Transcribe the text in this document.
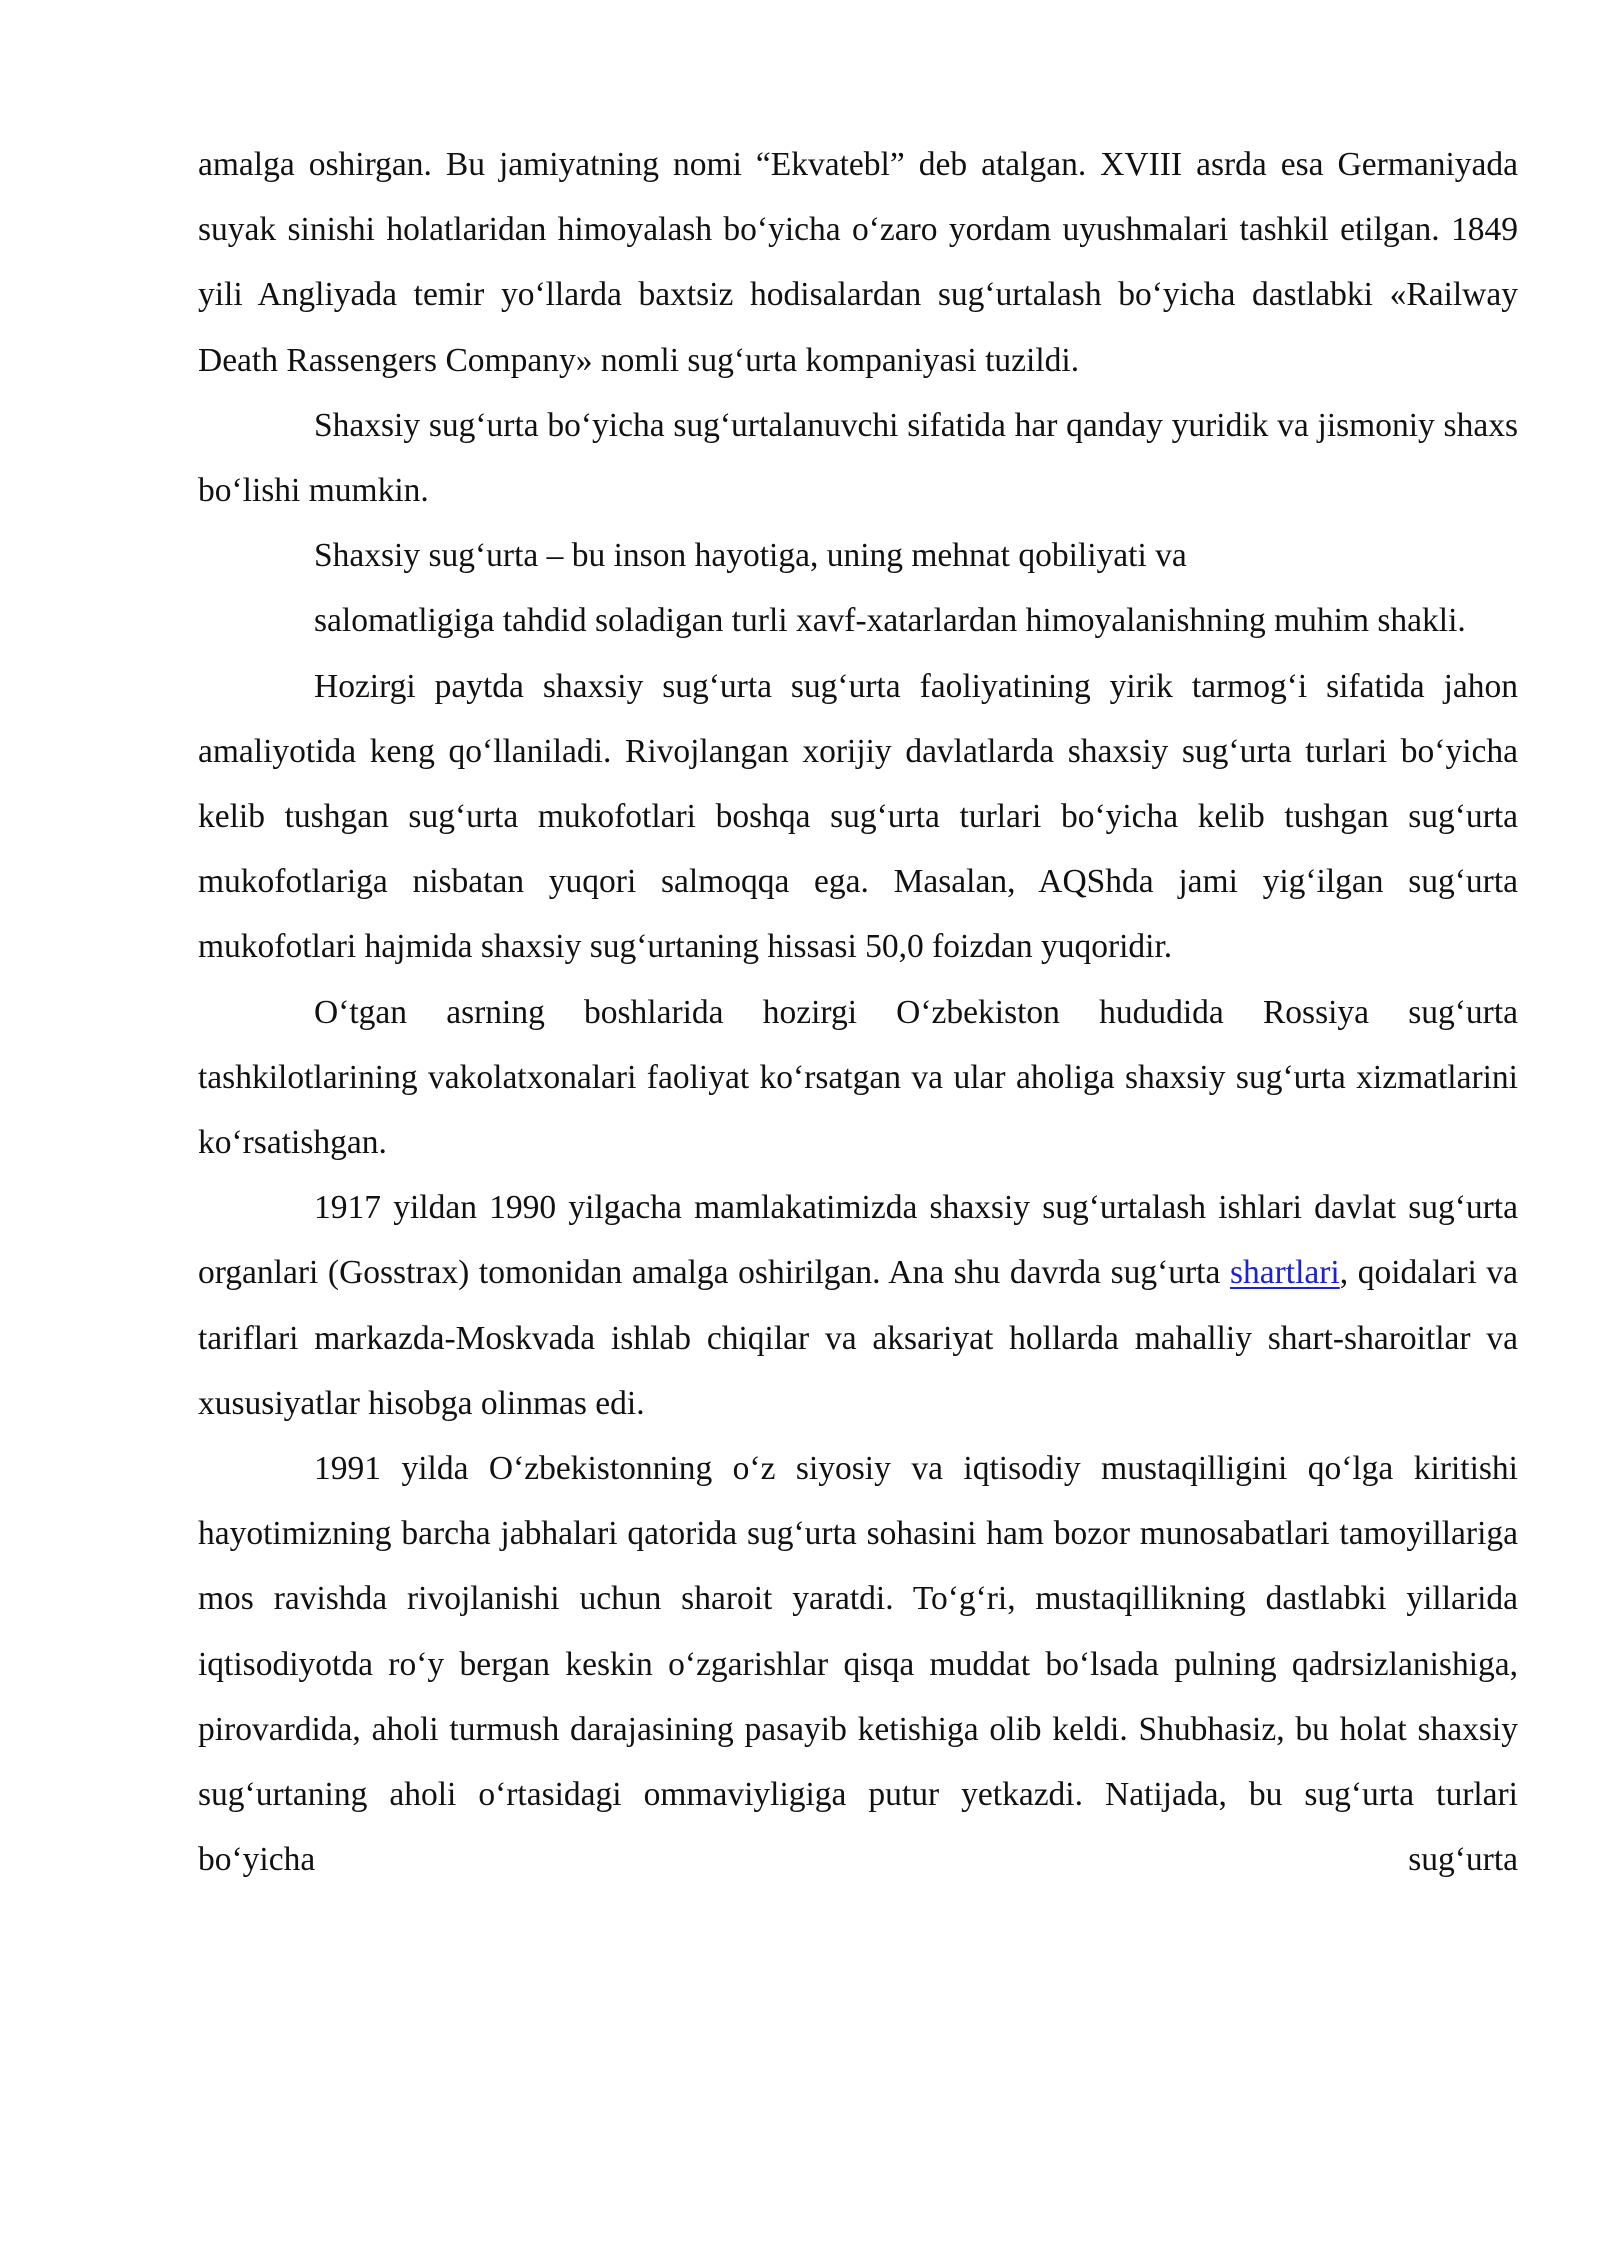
amalga oshirgan. Bu jamiyatning nomi “Ekvatebl” deb atalgan. XVIII asrda esa Germaniyada suyak sinishi holatlaridan himoyalash boʻyicha oʻzaro yordam uyushmalari tashkil etilgan. 1849 yili Angliyada temir yoʻllarda baxtsiz hodisalardan sugʻurtalash boʻyicha dastlabki «Railway Death Rassengers Company» nomli sugʻurta kompaniyasi tuzildi.

Shaxsiy sugʻurta boʻyicha sugʻurtalanuvchi sifatida har qanday yuridik va jismoniy shaxs boʻlishi mumkin.

Shaxsiy sugʻurta – bu inson hayotiga, uning mehnat qobiliyati va

salomatligiga tahdid soladigan turli xavf-xatarlardan himoyalanishning muhim shakli.

Hozirgi paytda shaxsiy sugʻurta sugʻurta faoliyatining yirik tarmogʻi sifatida jahon amaliyotida keng qoʻllaniladi. Rivojlangan xorijiy davlatlarda shaxsiy sugʻurta turlari boʻyicha kelib tushgan sugʻurta mukofotlari boshqa sugʻurta turlari boʻyicha kelib tushgan sugʻurta mukofotlariga nisbatan yuqori salmoqqa ega. Masalan, AQShda jami yigʻilgan sugʻurta mukofotlari hajmida shaxsiy sugʻurtaning hissasi 50,0 foizdan yuqoridir.

Oʻtgan asrning boshlarida hozirgi Oʻzbekiston hududida Rossiya sugʻurta tashkilotlarining vakolatxonalari faoliyat koʻrsatgan va ular aholiga shaxsiy sugʻurta xizmatlarini koʻrsatishgan.

1917 yildan 1990 yilgacha mamlakatimizda shaxsiy sugʻurtalash ishlari davlat sugʻurta organlari (Gosstrax) tomonidan amalga oshirilgan. Ana shu davrda sugʻurta shartlari, qoidalari va tariflari markazda-Moskvada ishlab chiqilar va aksariyat hollarda mahalliy shart-sharoitlar va xususiyatlar hisobga olinmas edi.

1991 yilda Oʻzbekistonning oʻz siyosiy va iqtisodiy mustaqilligini qoʻlga kiritishi hayotimizning barcha jabhalari qatorida sugʻurta sohasini ham bozor munosabatlari tamoyillariga mos ravishda rivojlanishi uchun sharoit yaratdi. Toʻgʻri, mustaqillikning dastlabki yillarida iqtisodiyotda roʻy bergan keskin oʻzgarishlar qisqa muddat boʻlsada pulning qadrsizlanishiga, pirovardida, aholi turmush darajasining pasayib ketishiga olib keldi. Shubhasiz, bu holat shaxsiy sugʻurtaning aholi oʻrtasidagi ommaviyligiga putur yetkazdi. Natijada, bu sugʻurta turlari boʻyicha sugʻurta
